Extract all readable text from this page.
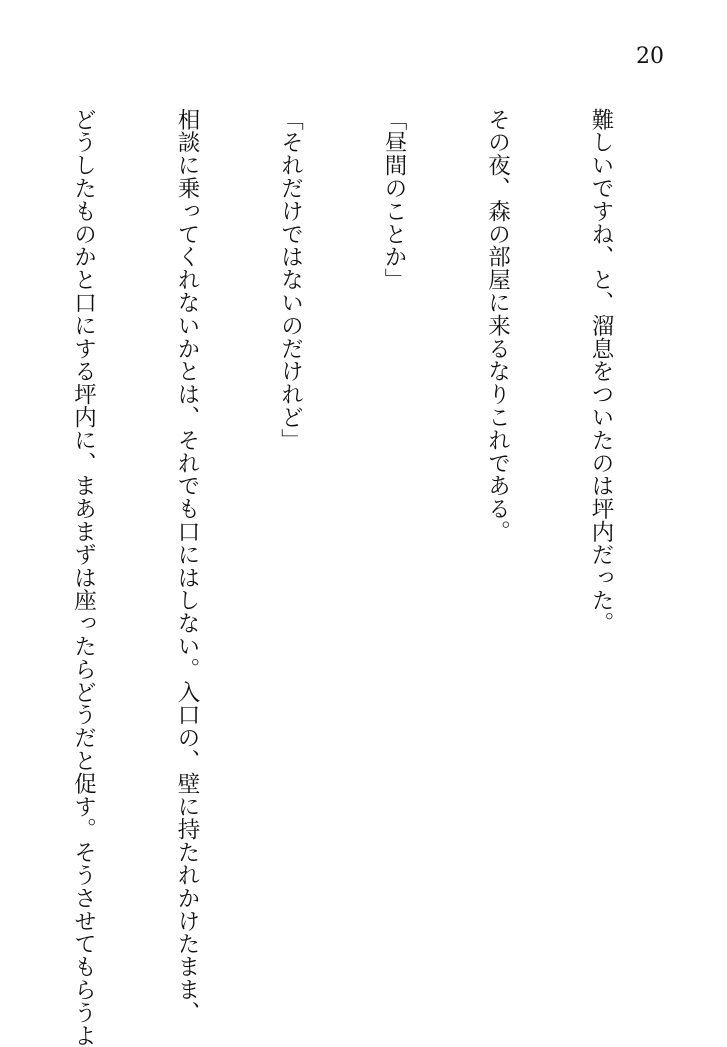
20

難しいですね、と、溜息をついたのは坪内だった。

その夜、森の部屋に来るなりこれである。

「昼間のことか」

「それだけではないのだけれど」

相談に乗ってくれないかとは、それでも口にはしない。入口の、壁に持たれかけたまま、

どうしたものかと口にする坪内に、まあまずは座ったらどうだと促す。そうさせてもらうよ
